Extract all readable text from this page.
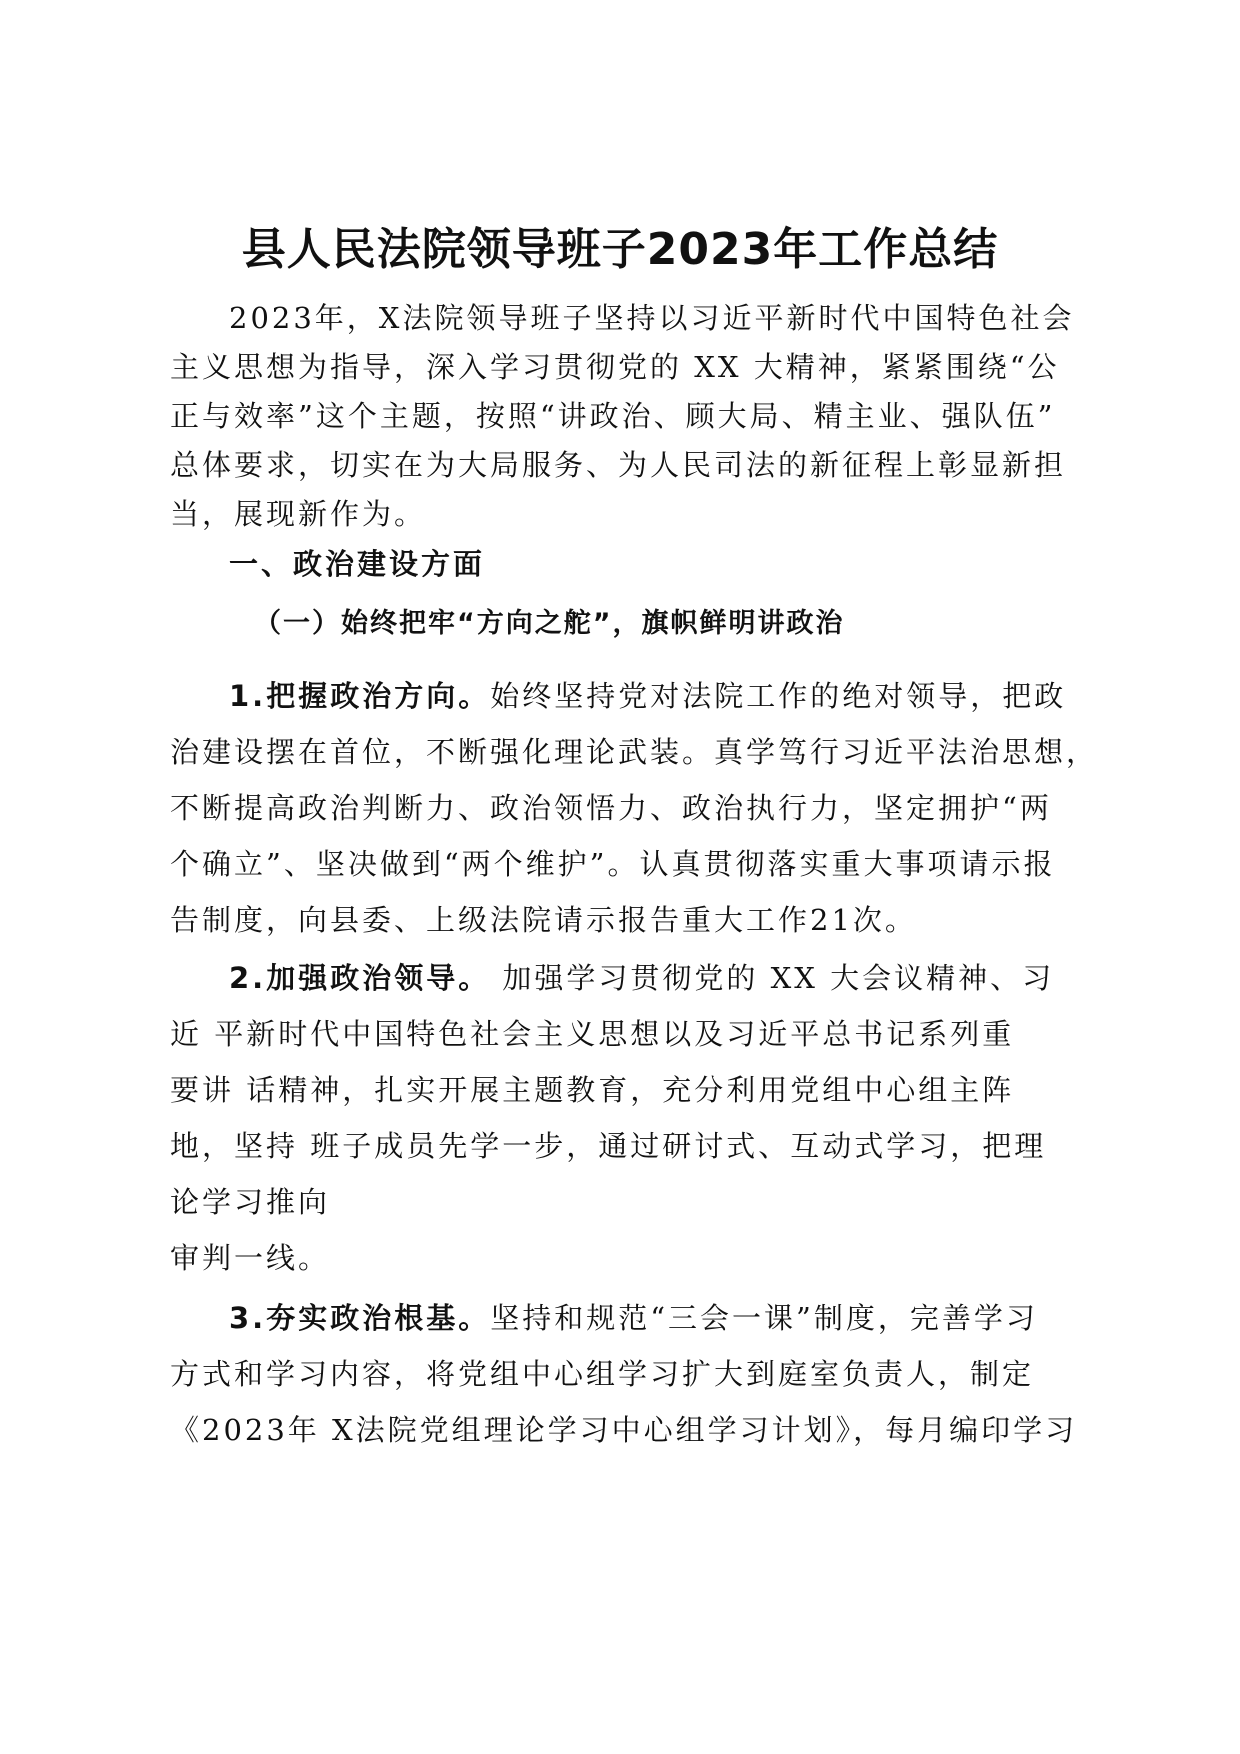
县人民法院领导班子2023年工作总结
2023年，X法院领导班子坚持以习近平新时代中国特色社会
主义思想为指导，深入学习贯彻党的 XX 大精神，紧紧围绕“公
正与效率”这个主题，按照“讲政治、顾大局、精主业、强队伍”
总体要求，切实在为大局服务、为人民司法的新征程上彰显新担
当，展现新作为。
一、政治建设方面
（一）始终把牢“方向之舵”，旗帜鲜明讲政治
1.把握政治方向。始终坚持党对法院工作的绝对领导，把政
治建设摆在首位，不断强化理论武装。真学笃行习近平法治思想，
不断提高政治判断力、政治领悟力、政治执行力，坚定拥护“两
个确立”、坚决做到“两个维护”。认真贯彻落实重大事项请示报
告制度，向县委、上级法院请示报告重大工作21次。
2.加强政治领导。 加强学习贯彻党的 XX 大会议精神、习
近 平新时代中国特色社会主义思想以及习近平总书记系列重
要讲 话精神，扎实开展主题教育，充分利用党组中心组主阵
地，坚持 班子成员先学一步，通过研讨式、互动式学习，把理
论学习推向
审判一线。
3.夯实政治根基。坚持和规范“三会一课”制度，完善学习
方式和学习内容，将党组中心组学习扩大到庭室负责人，制定
《2023年 X法院党组理论学习中心组学习计划》，每月编印学习
